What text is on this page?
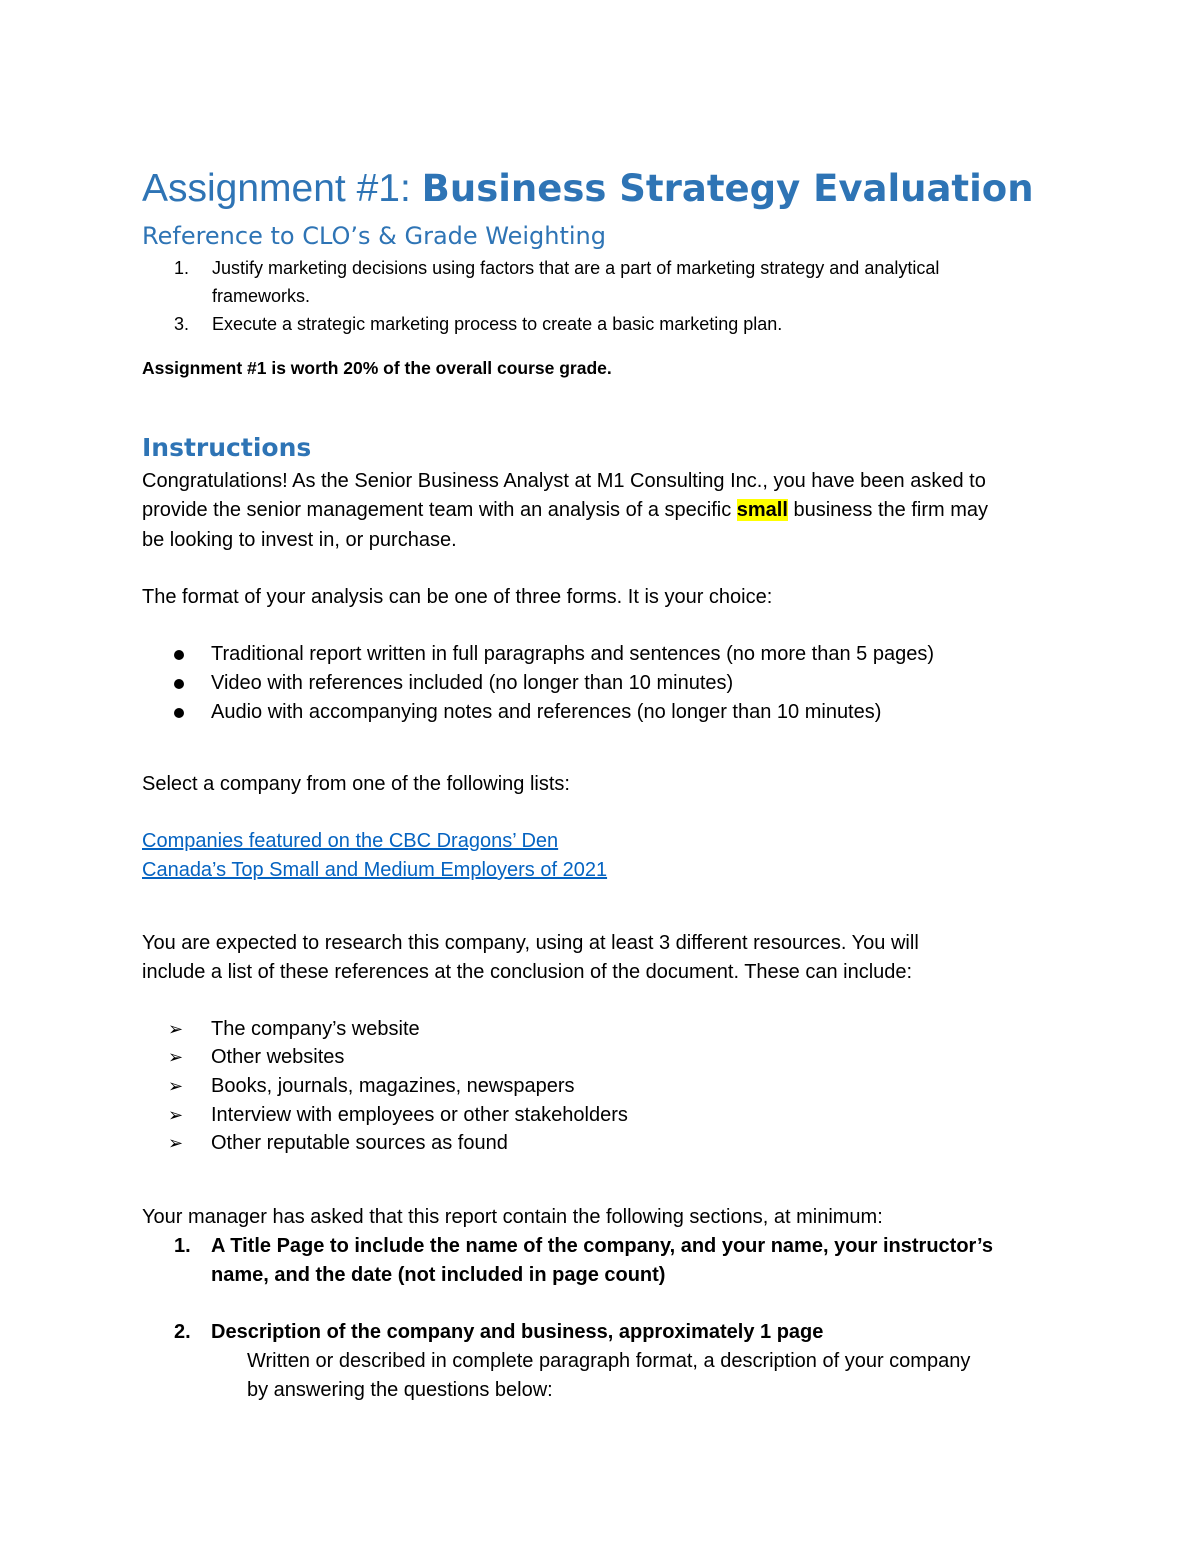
Assignment #1: Business Strategy Evaluation
Reference to CLO’s & Grade Weighting
1.	Justify marketing decisions using factors that are a part of marketing strategy and analytical
frameworks.
3.	Execute a strategic marketing process to create a basic marketing plan.
Assignment #1 is worth 20% of the overall course grade.
Instructions
Congratulations! As the Senior Business Analyst at M1 Consulting Inc., you have been asked to
provide the senior management team with an analysis of a specific small business the firm may
be looking to invest in, or purchase.
The format of your analysis can be one of three forms. It is your choice:
Traditional report written in full paragraphs and sentences (no more than 5 pages)
Video with references included (no longer than 10 minutes)
Audio with accompanying notes and references (no longer than 10 minutes)
Select a company from one of the following lists:
Companies featured on the CBC Dragons’ Den
Canada’s Top Small and Medium Employers of 2021
You are expected to research this company, using at least 3 different resources. You will
include a list of these references at the conclusion of the document. These can include:
➢ The company’s website
➢ Other websites
➢ Books, journals, magazines, newspapers
➢ Interview with employees or other stakeholders
➢ Other reputable sources as found
Your manager has asked that this report contain the following sections, at minimum:
1. A Title Page to include the name of the company, and your name, your instructor’s
name, and the date (not included in page count)
2. Description of the company and business, approximately 1 page
Written or described in complete paragraph format, a description of your company
by answering the questions below:
